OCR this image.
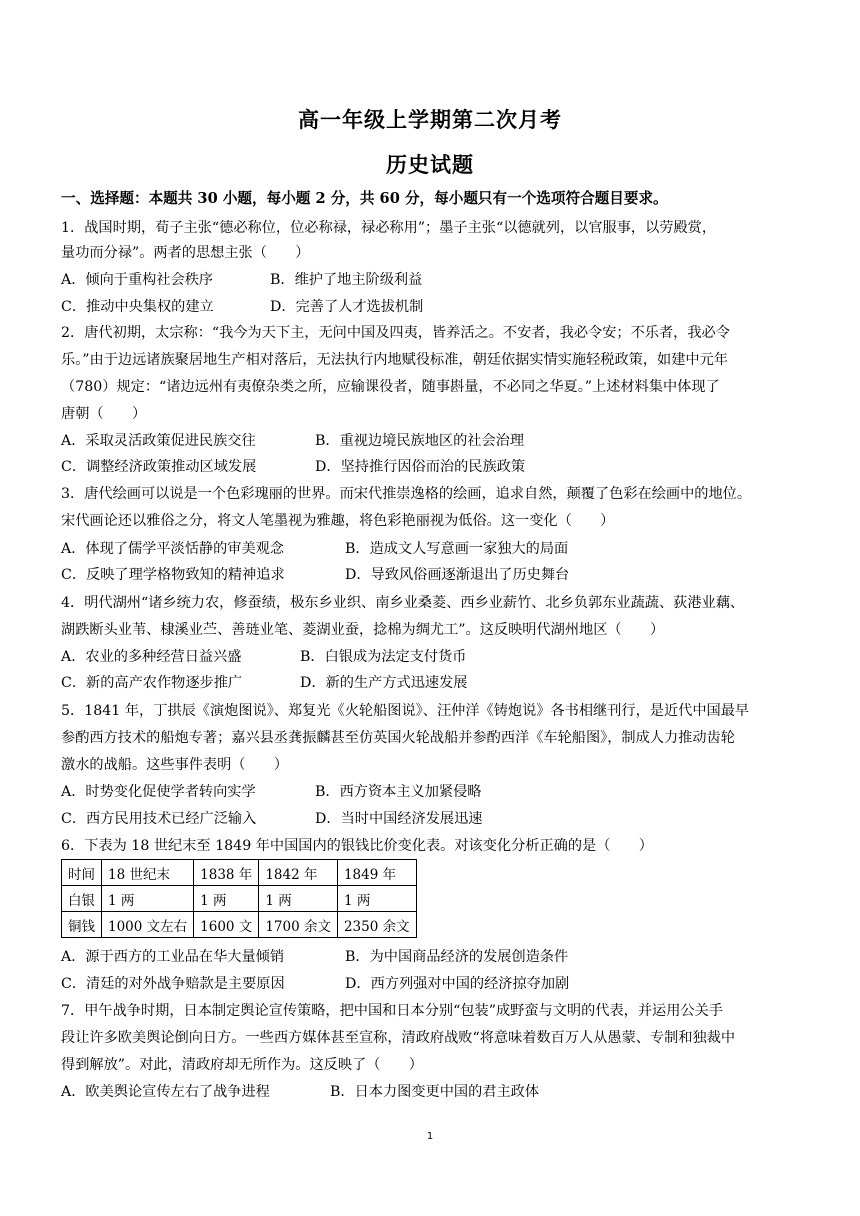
高一年级上学期第二次月考
历史试题
一、选择题：本题共 30 小题，每小题 2 分，共 60 分，每小题只有一个选项符合题目要求。
1．战国时期，荀子主张“德必称位，位必称禄，禄必称用”；墨子主张“以德就列，以官服事，以劳殿赏，
量功而分禄”。两者的思想主张（　　）
A．倾向于重构社会秩序	B．维护了地主阶级利益
C．推动中央集权的建立	D．完善了人才选拔机制
2．唐代初期，太宗称：“我今为天下主，无问中国及四夷，皆养活之。不安者，我必令安；不乐者，我必令
乐。”由于边远诸族聚居地生产相对落后，无法执行内地赋役标准，朝廷依据实情实施轻税政策，如建中元年
（780）规定：“诸边远州有夷僚杂类之所，应输课役者，随事斟量，不必同之华夏。”上述材料集中体现了
唐朝（　　）
A．采取灵活政策促进民族交往	B．重视边境民族地区的社会治理
C．调整经济政策推动区域发展	D．坚持推行因俗而治的民族政策
3．唐代绘画可以说是一个色彩瑰丽的世界。而宋代推崇逸格的绘画，追求自然，颠覆了色彩在绘画中的地位。
宋代画论还以雅俗之分，将文人笔墨视为雅趣，将色彩艳丽视为低俗。这一变化（　　）
A．体现了儒学平淡恬静的审美观念	B．造成文人写意画一家独大的局面
C．反映了理学格物致知的精神追求	D．导致风俗画逐渐退出了历史舞台
4．明代湖州“诸乡统力农，修蚕绩，极东乡业织、南乡业桑菱、西乡业薪竹、北乡负郭东业蔬蔬、荻港业藕、
湖跌断头业苇、棣溪业苎、善琏业笔、菱湖业蚕，捻棉为绸尤工”。这反映明代湖州地区（　　）
A．农业的多种经营日益兴盛	B．白银成为法定支付货币
C．新的高产农作物逐步推广	D．新的生产方式迅速发展
5．1841 年，丁拱辰《演炮图说》、郑复光《火轮船图说》、汪仲洋《铸炮说》各书相继刊行，是近代中国最早
参酌西方技术的船炮专著；嘉兴县丞龚振麟甚至仿英国火轮战船并参酌西洋《车轮船图》，制成人力推动齿轮
激水的战船。这些事件表明（　　）
A．时势变化促使学者转向实学	B．西方资本主义加紧侵略
C．西方民用技术已经广泛输入	D．当时中国经济发展迅速
6．下表为 18 世纪末至 1849 年中国国内的银钱比价变化表。对该变化分析正确的是（　　）
时间	18 世纪末	1838 年	1842 年	1849 年
白银	1 两	1 两	1 两	1 两
铜钱	1000 文左右	1600 文	1700 余文	2350 余文
A．源于西方的工业品在华大量倾销	B．为中国商品经济的发展创造条件
C．清廷的对外战争赔款是主要原因	D．西方列强对中国的经济掠夺加剧
7．甲午战争时期，日本制定舆论宣传策略，把中国和日本分别“包装”成野蛮与文明的代表，并运用公关手
段让许多欧美舆论倒向日方。一些西方媒体甚至宣称，清政府战败“将意味着数百万人从愚蒙、专制和独裁中
得到解放”。对此，清政府却无所作为。这反映了（　　）
A．欧美舆论宣传左右了战争进程	B．日本力图变更中国的君主政体
1
